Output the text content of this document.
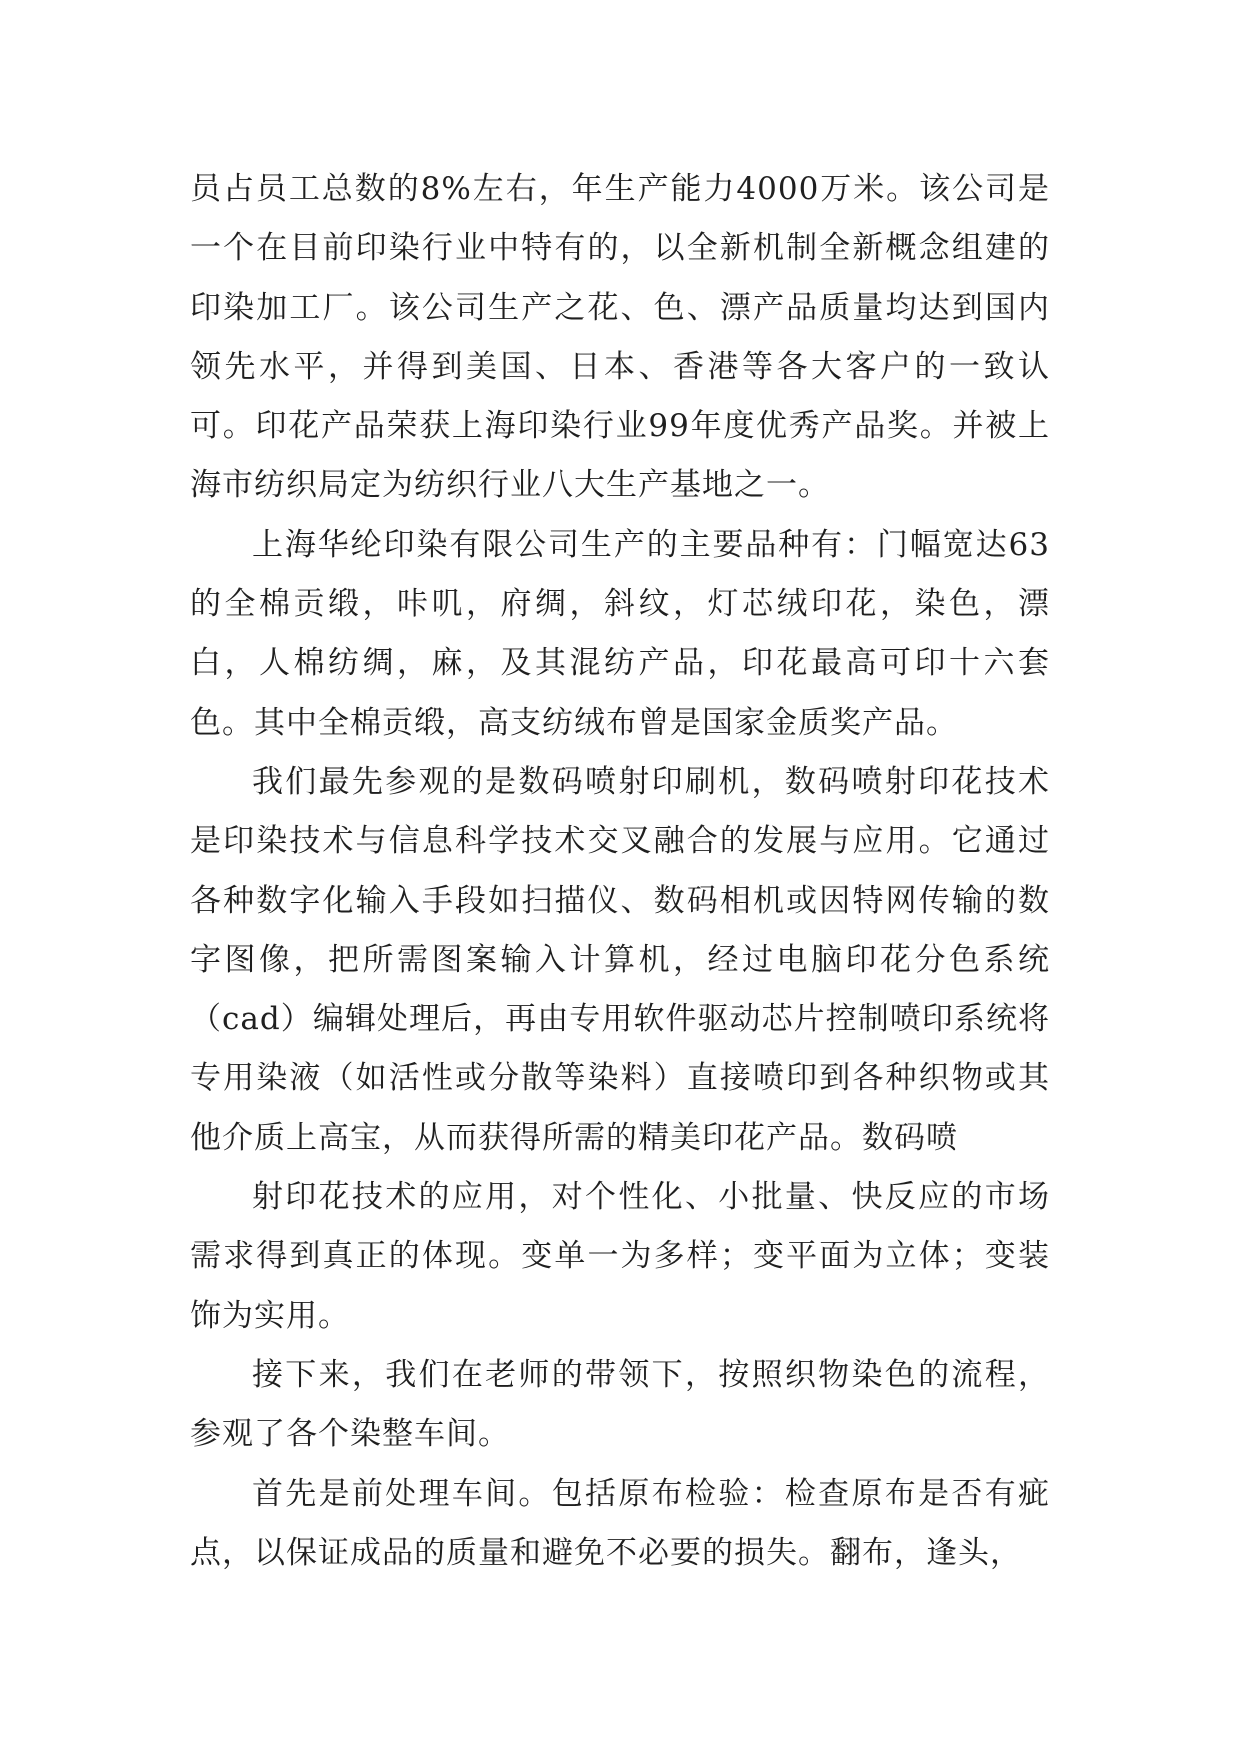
员占员工总数的8%左右，年生产能力4000万米。该公司是一个在目前印染行业中特有的，以全新机制全新概念组建的印染加工厂。该公司生产之花、色、漂产品质量均达到国内领先水平，并得到美国、日本、香港等各大客户的一致认可。印花产品荣获上海印染行业99年度优秀产品奖。并被上海市纺织局定为纺织行业八大生产基地之一。

上海华纶印染有限公司生产的主要品种有：门幅宽达63的全棉贡缎，咔叽，府绸，斜纹，灯芯绒印花，染色，漂白，人棉纺绸，麻，及其混纺产品，印花最高可印十六套色。其中全棉贡缎，高支纺绒布曾是国家金质奖产品。

我们最先参观的是数码喷射印刷机，数码喷射印花技术是印染技术与信息科学技术交叉融合的发展与应用。它通过各种数字化输入手段如扫描仪、数码相机或因特网传输的数字图像，把所需图案输入计算机，经过电脑印花分色系统（cad）编辑处理后，再由专用软件驱动芯片控制喷印系统将专用染液（如活性或分散等染料）直接喷印到各种织物或其他介质上高宝，从而获得所需的精美印花产品。数码喷

射印花技术的应用，对个性化、小批量、快反应的市场需求得到真正的体现。变单一为多样；变平面为立体；变装饰为实用。

接下来，我们在老师的带领下，按照织物染色的流程，参观了各个染整车间。

首先是前处理车间。包括原布检验：检查原布是否有疵点，以保证成品的质量和避免不必要的损失。翻布，逢头，
